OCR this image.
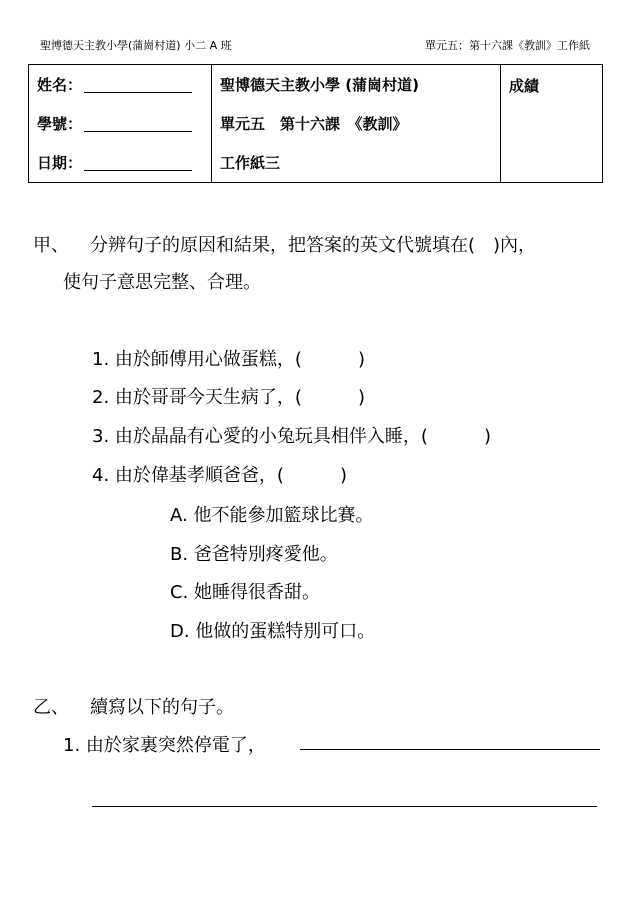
聖博德天主教小學(蒲崗村道) 小二 A 班	單元五：第十六課《教訓》工作紙
姓名：
學號：
日期：

聖博德天主教小學 (蒲崗村道)
單元五　第十六課　《教訓》
工作紙三

成績
甲、 分辨句子的原因和結果，把答案的英文代號填在(　)內，
使句子意思完整、合理。
1. 由於師傅用心做蛋糕，(	)
2. 由於哥哥今天生病了，(	)
3. 由於晶晶有心愛的小兔玩具相伴入睡，(	)
4. 由於偉基孝順爸爸，(	)
A. 他不能參加籃球比賽。
B. 爸爸特別疼愛他。
C. 她睡得很香甜。
D. 他做的蛋糕特別可口。
乙、 續寫以下的句子。
1. 由於家裏突然停電了，
